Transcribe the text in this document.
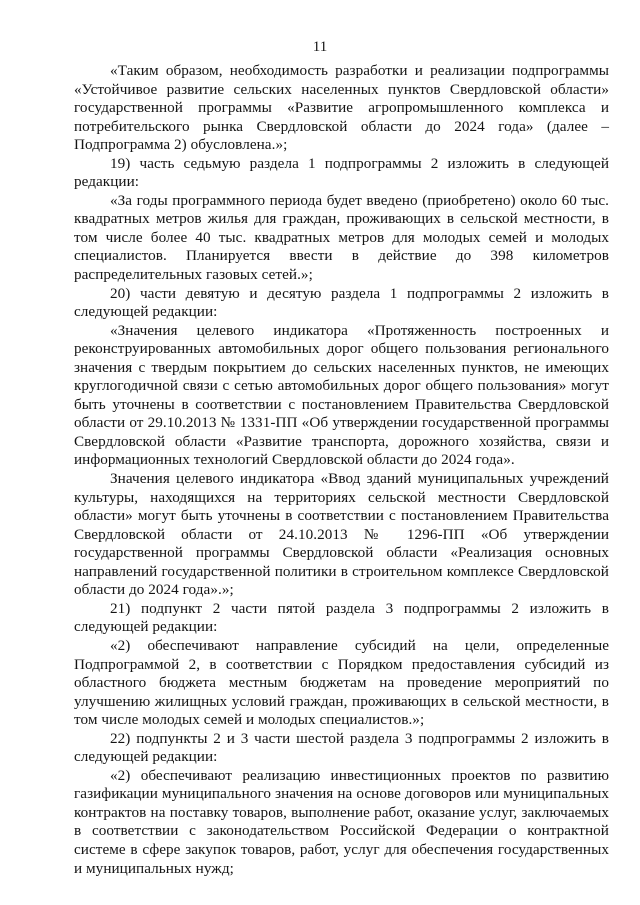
11

«Таким образом, необходимость разработки и реализации подпрограммы «Устойчивое развитие сельских населенных пунктов Свердловской области» государственной программы «Развитие агропромышленного комплекса и потребительского рынка Свердловской области до 2024 года» (далее – Подпрограмма 2) обусловлена.»;

19) часть седьмую раздела 1 подпрограммы 2 изложить в следующей редакции:

«За годы программного периода будет введено (приобретено) около 60 тыс. квадратных метров жилья для граждан, проживающих в сельской местности, в том числе более 40 тыс. квадратных метров для молодых семей и молодых специалистов. Планируется ввести в действие до 398 километров распределительных газовых сетей.»;

20) части девятую и десятую раздела 1 подпрограммы 2 изложить в следующей редакции:

«Значения целевого индикатора «Протяженность построенных и реконструированных автомобильных дорог общего пользования регионального значения с твердым покрытием до сельских населенных пунктов, не имеющих круглогодичной связи с сетью автомобильных дорог общего пользования» могут быть уточнены в соответствии с постановлением Правительства Свердловской области от 29.10.2013 № 1331-ПП «Об утверждении государственной программы Свердловской области «Развитие транспорта, дорожного хозяйства, связи и информационных технологий Свердловской области до 2024 года».

Значения целевого индикатора «Ввод зданий муниципальных учреждений культуры, находящихся на территориях сельской местности Свердловской области» могут быть уточнены в соответствии с постановлением Правительства Свердловской области от 24.10.2013 № 1296-ПП «Об утверждении государственной программы Свердловской области «Реализация основных направлений государственной политики в строительном комплексе Свердловской области до 2024 года».»;

21) подпункт 2 части пятой раздела 3 подпрограммы 2 изложить в следующей редакции:

«2) обеспечивают направление субсидий на цели, определенные Подпрограммой 2, в соответствии с Порядком предоставления субсидий из областного бюджета местным бюджетам на проведение мероприятий по улучшению жилищных условий граждан, проживающих в сельской местности, в том числе молодых семей и молодых специалистов.»;

22) подпункты 2 и 3 части шестой раздела 3 подпрограммы 2 изложить в следующей редакции:

«2) обеспечивают реализацию инвестиционных проектов по развитию газификации муниципального значения на основе договоров или муниципальных контрактов на поставку товаров, выполнение работ, оказание услуг, заключаемых в соответствии с законодательством Российской Федерации о контрактной системе в сфере закупок товаров, работ, услуг для обеспечения государственных и муниципальных нужд;
